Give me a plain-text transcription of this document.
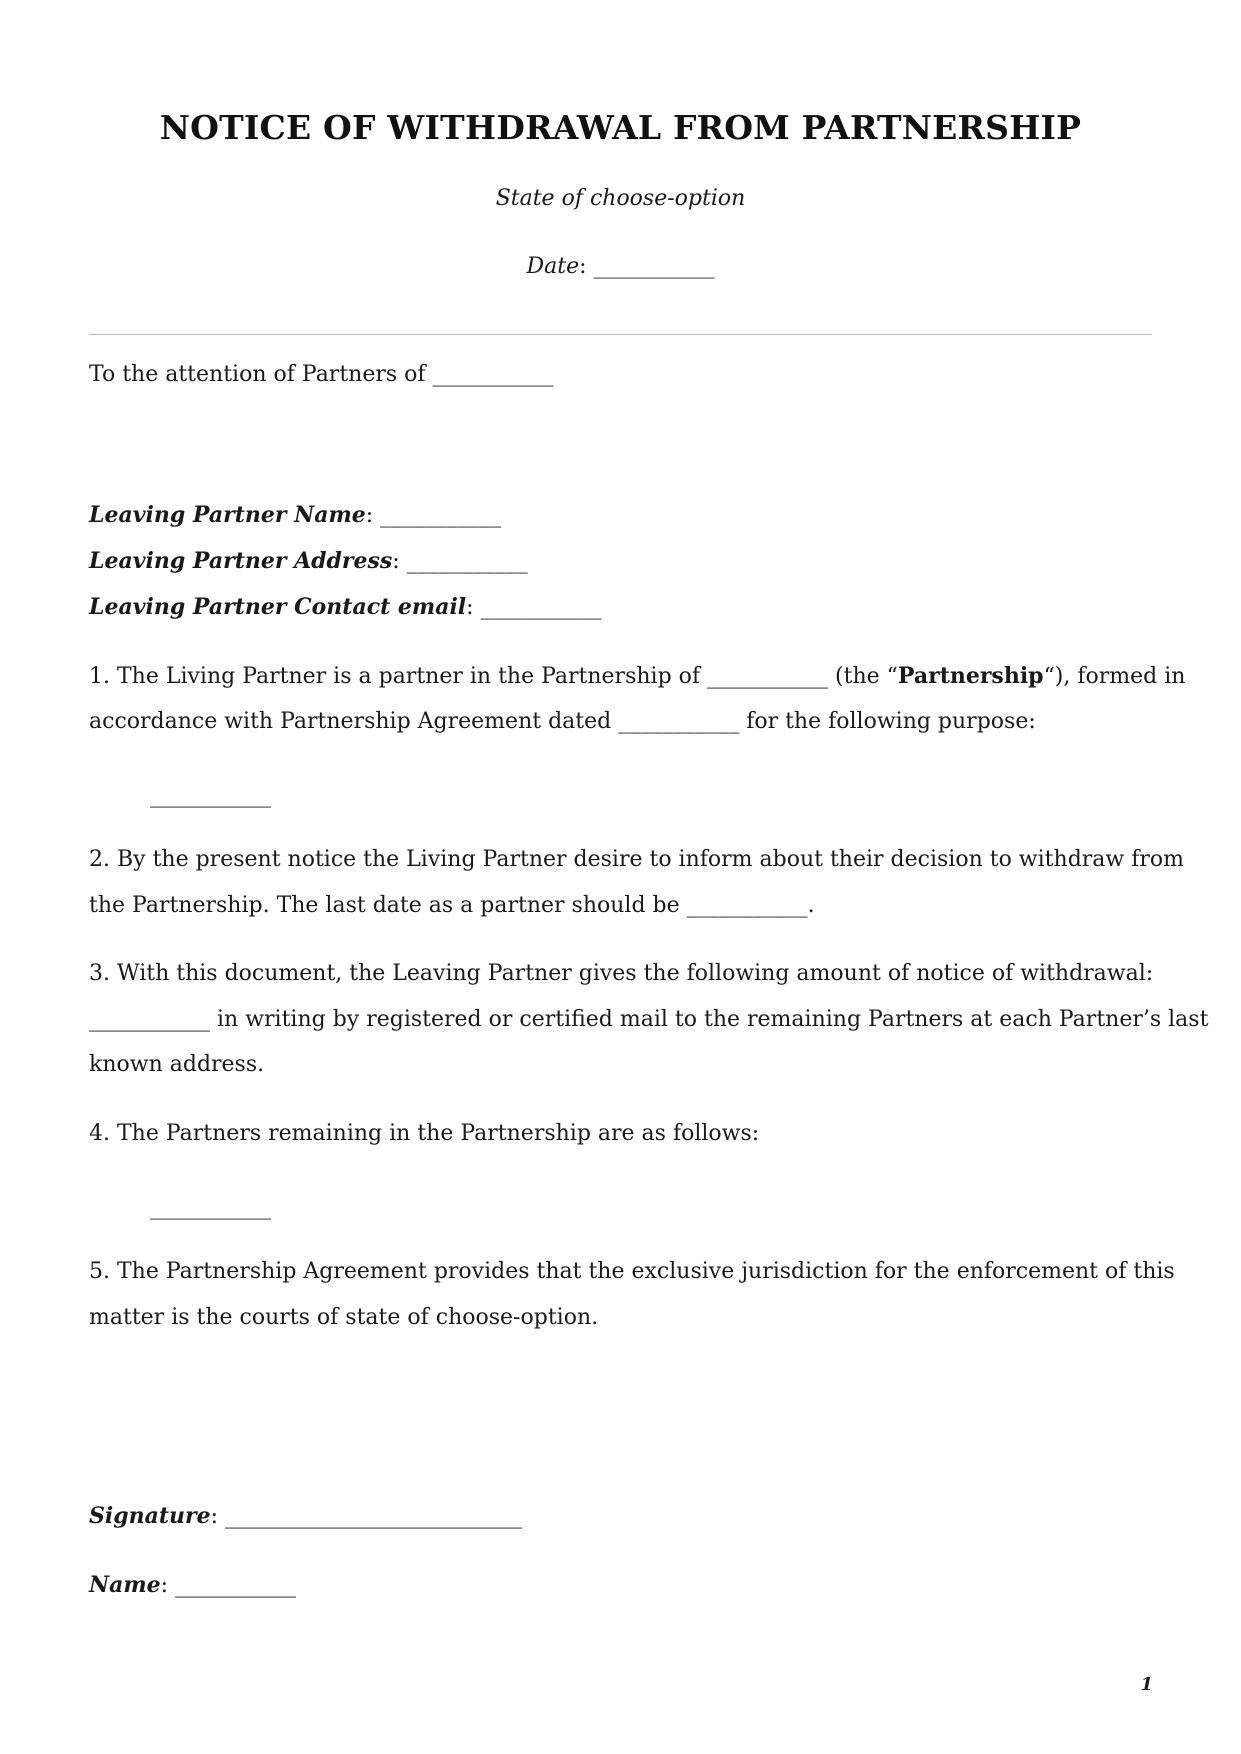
NOTICE OF WITHDRAWAL FROM PARTNERSHIP
State of choose-option
Date: ___________
To the attention of Partners of ___________
Leaving Partner Name: ___________
Leaving Partner Address: ___________
Leaving Partner Contact email: ___________
1. The Living Partner is a partner in the Partnership of ___________ (the “Partnership“), formed in
accordance with Partnership Agreement dated ___________ for the following purpose:
___________
2. By the present notice the Living Partner desire to inform about their decision to withdraw from
the Partnership. The last date as a partner should be ___________.
3. With this document, the Leaving Partner gives the following amount of notice of withdrawal:
___________ in writing by registered or certified mail to the remaining Partners at each Partner’s last
known address.
4. The Partners remaining in the Partnership are as follows:
___________
5. The Partnership Agreement provides that the exclusive jurisdiction for the enforcement of this
matter is the courts of state of choose-option.
Signature: ___________________________
Name: ___________
1
